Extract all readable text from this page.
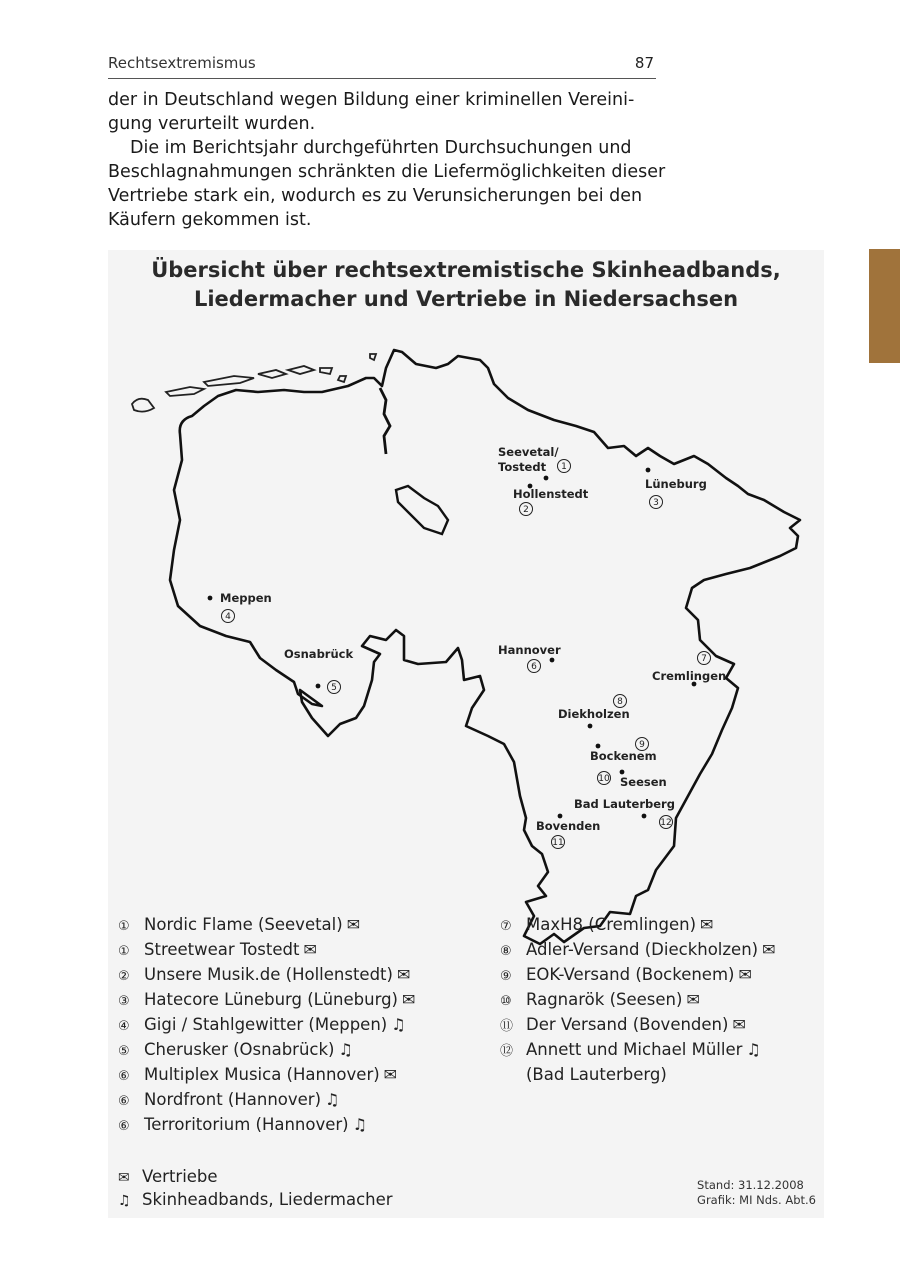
Rechtsextremismus	87

der in Deutschland wegen Bildung einer kriminellen Vereini-gung verurteilt wurden.

Die im Berichtsjahr durchgeführten Durchsuchungen und Beschlagnahmungen schränkten die Liefermöglichkeiten dieser Vertriebe stark ein, wodurch es zu Verunsicherungen bei den Käufern gekommen ist.

Übersicht über rechtsextremistische Skinheadbands,
Liedermacher und Vertriebe in Niedersachsen
1
2
3
4
5
6
7
8
9
10
11
12
Seevetal/
Tostedt
Hollenstedt
Lüneburg
Meppen
Osnabrück	Hannover
Cremlingen
Diekholzen
Bockenem
Seesen
Bad Lauterberg
Bovenden
① Nordic Flame (Seevetal) ✉
① Streetwear Tostedt ✉
② Unsere Musik.de (Hollenstedt) ✉
③ Hatecore Lüneburg (Lüneburg) ✉
④ Gigi / Stahlgewitter (Meppen) ♫
⑤ Cherusker (Osnabrück) ♫
⑥ Multiplex Musica (Hannover) ✉
⑥ Nordfront (Hannover) ♫
⑥ Terroritorium (Hannover) ♫
⑦ MaxH8 (Cremlingen) ✉
⑧ Adler-Versand (Dieckholzen) ✉
⑨ EOK-Versand (Bockenem) ✉
⑩ Ragnarök (Seesen) ✉
⑪ Der Versand (Bovenden) ✉
⑫ Annett und Michael Müller ♫
(Bad Lauterberg)
✉ Vertriebe
♫ Skinheadbands, Liedermacher
Stand: 31.12.2008
Grafik: MI Nds. Abt.6
